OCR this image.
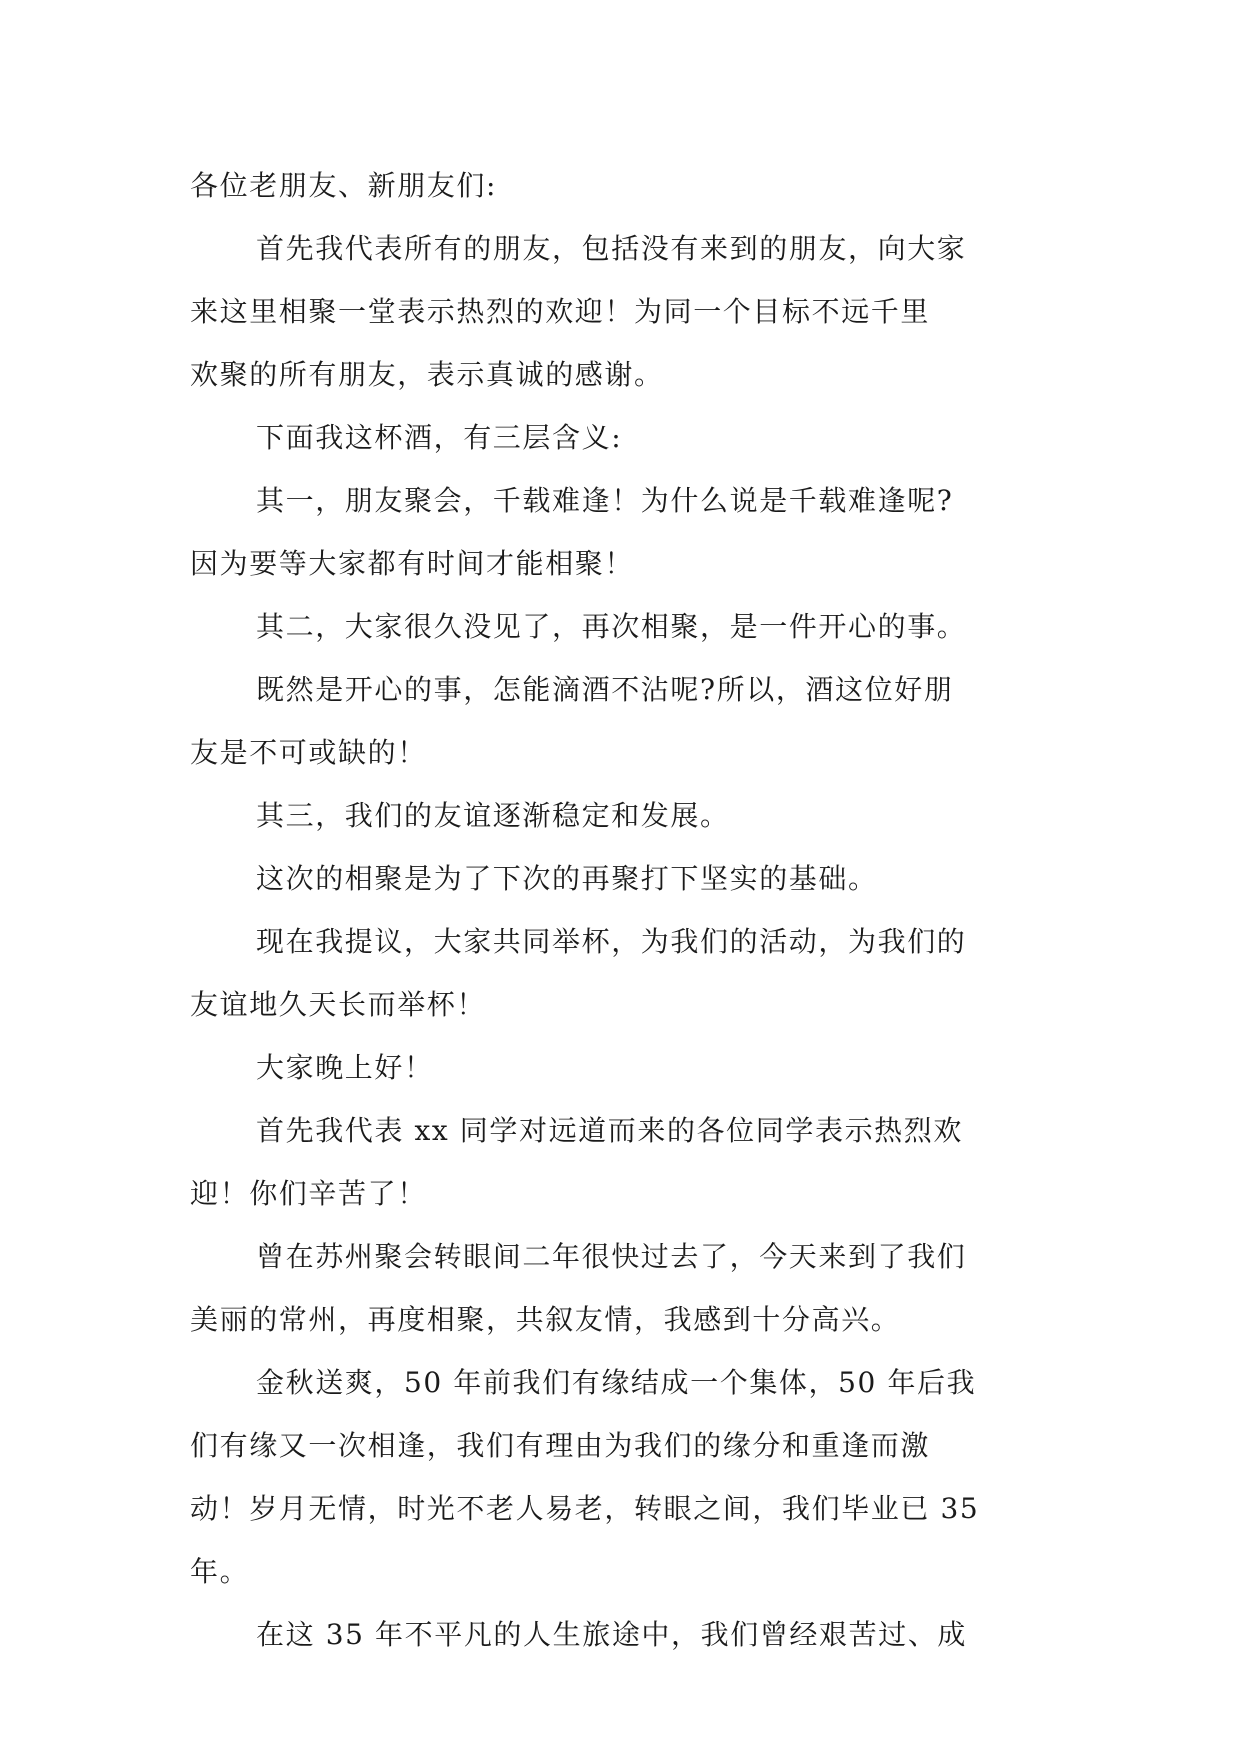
各位老朋友、新朋友们:
首先我代表所有的朋友，包括没有来到的朋友，向大家
来这里相聚一堂表示热烈的欢迎！为同一个目标不远千里
欢聚的所有朋友，表示真诚的感谢。
下面我这杯酒，有三层含义:
其一，朋友聚会，千载难逢！为什么说是千载难逢呢?
因为要等大家都有时间才能相聚！
其二，大家很久没见了，再次相聚，是一件开心的事。
既然是开心的事，怎能滴酒不沾呢?所以，酒这位好朋
友是不可或缺的！
其三，我们的友谊逐渐稳定和发展。
这次的相聚是为了下次的再聚打下坚实的基础。
现在我提议，大家共同举杯，为我们的活动，为我们的
友谊地久天长而举杯！
大家晚上好！
首先我代表 xx 同学对远道而来的各位同学表示热烈欢
迎！你们辛苦了！
曾在苏州聚会转眼间二年很快过去了，今天来到了我们
美丽的常州，再度相聚，共叙友情，我感到十分高兴。
金秋送爽，50 年前我们有缘结成一个集体，50 年后我
们有缘又一次相逢，我们有理由为我们的缘分和重逢而激
动！岁月无情，时光不老人易老，转眼之间，我们毕业已 35
年。
在这 35 年不平凡的人生旅途中，我们曾经艰苦过、成
